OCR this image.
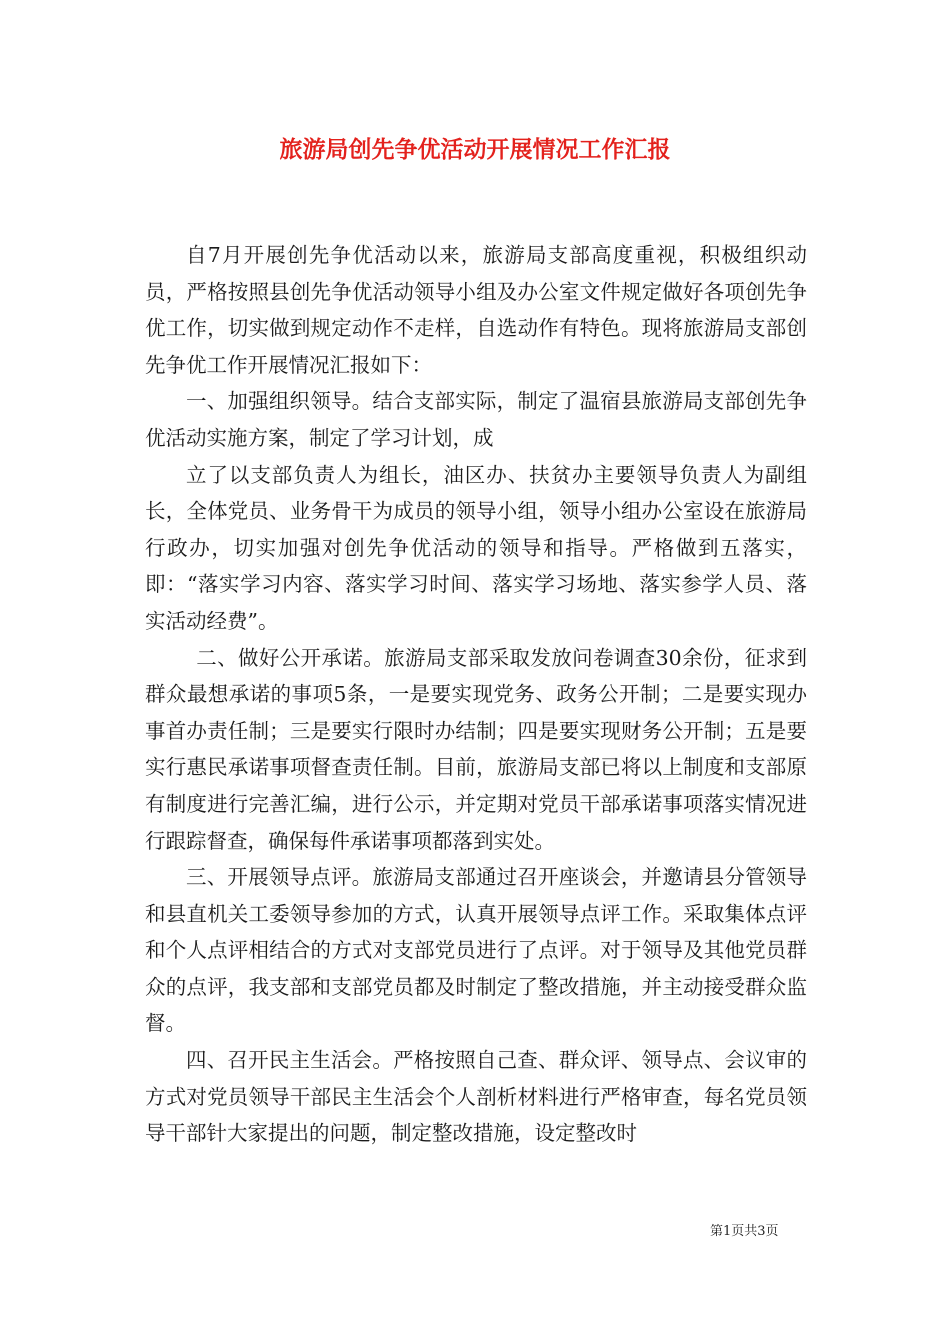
旅游局创先争优活动开展情况工作汇报

自7月开展创先争优活动以来，旅游局支部高度重视，积极组织动员，严格按照县创先争优活动领导小组及办公室文件规定做好各项创先争优工作，切实做到规定动作不走样，自选动作有特色。现将旅游局支部创先争优工作开展情况汇报如下：

一、加强组织领导。结合支部实际，制定了温宿县旅游局支部创先争优活动实施方案，制定了学习计划，成

立了以支部负责人为组长，油区办、扶贫办主要领导负责人为副组长，全体党员、业务骨干为成员的领导小组，领导小组办公室设在旅游局行政办，切实加强对创先争优活动的领导和指导。严格做到五落实，即：“落实学习内容、落实学习时间、落实学习场地、落实参学人员、落实活动经费”。

二、做好公开承诺。旅游局支部采取发放问卷调查30余份，征求到群众最想承诺的事项5条，一是要实现党务、政务公开制；二是要实现办事首办责任制；三是要实行限时办结制；四是要实现财务公开制；五是要实行惠民承诺事项督查责任制。目前，旅游局支部已将以上制度和支部原有制度进行完善汇编，进行公示，并定期对党员干部承诺事项落实情况进行跟踪督查，确保每件承诺事项都落到实处。

三、开展领导点评。旅游局支部通过召开座谈会，并邀请县分管领导和县直机关工委领导参加的方式，认真开展领导点评工作。采取集体点评和个人点评相结合的方式对支部党员进行了点评。对于领导及其他党员群众的点评，我支部和支部党员都及时制定了整改措施，并主动接受群众监督。

四、召开民主生活会。严格按照自己查、群众评、领导点、会议审的方式对党员领导干部民主生活会个人剖析材料进行严格审查，每名党员领导干部针大家提出的问题，制定整改措施，设定整改时

第1页共3页
